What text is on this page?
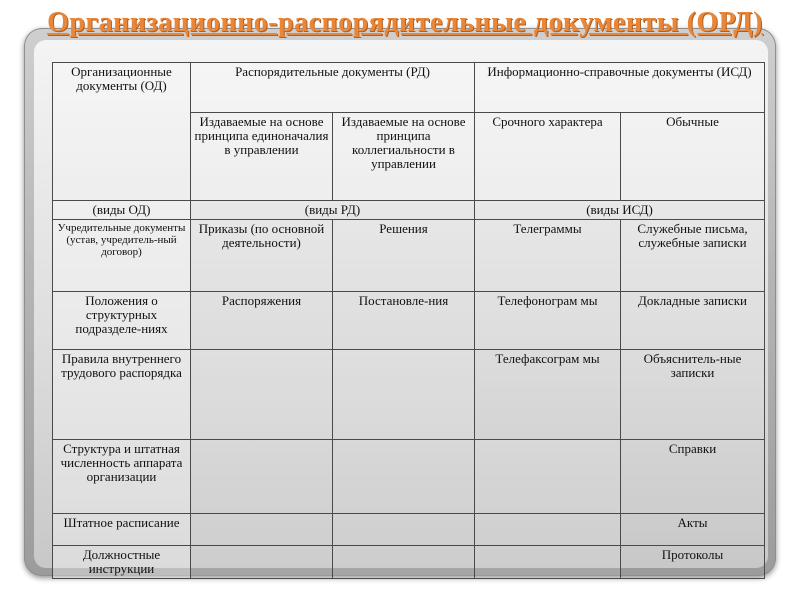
Организационно-распорядительные документы (ОРД)
Организационные документы (ОД)	Распорядительные документы (РД)		Информационно-справочные документы (ИСД)	
	Издаваемые на основе принципа единоначалия в управлении	Издаваемые на основе принципа коллегиальности в управлении	Срочного характера	Обычные
(виды ОД)	(виды РД)		(виды ИСД)	
Учредительные документы (устав, учредитель-ный договор)	Приказы (по основной деятельности)	Решения	Телеграммы	Служебные письма, служебные записки
Положения о структурных подразделе-ниях	Распоряжения	Постановле-ния	Телефонограм мы	Докладные записки
Правила внутреннего трудового распорядка			Телефаксограм мы	Объяснитель-ные записки
Структура и штатная численность аппарата организации				Справки
Штатное расписание				Акты
Должностные инструкции				Протоколы
